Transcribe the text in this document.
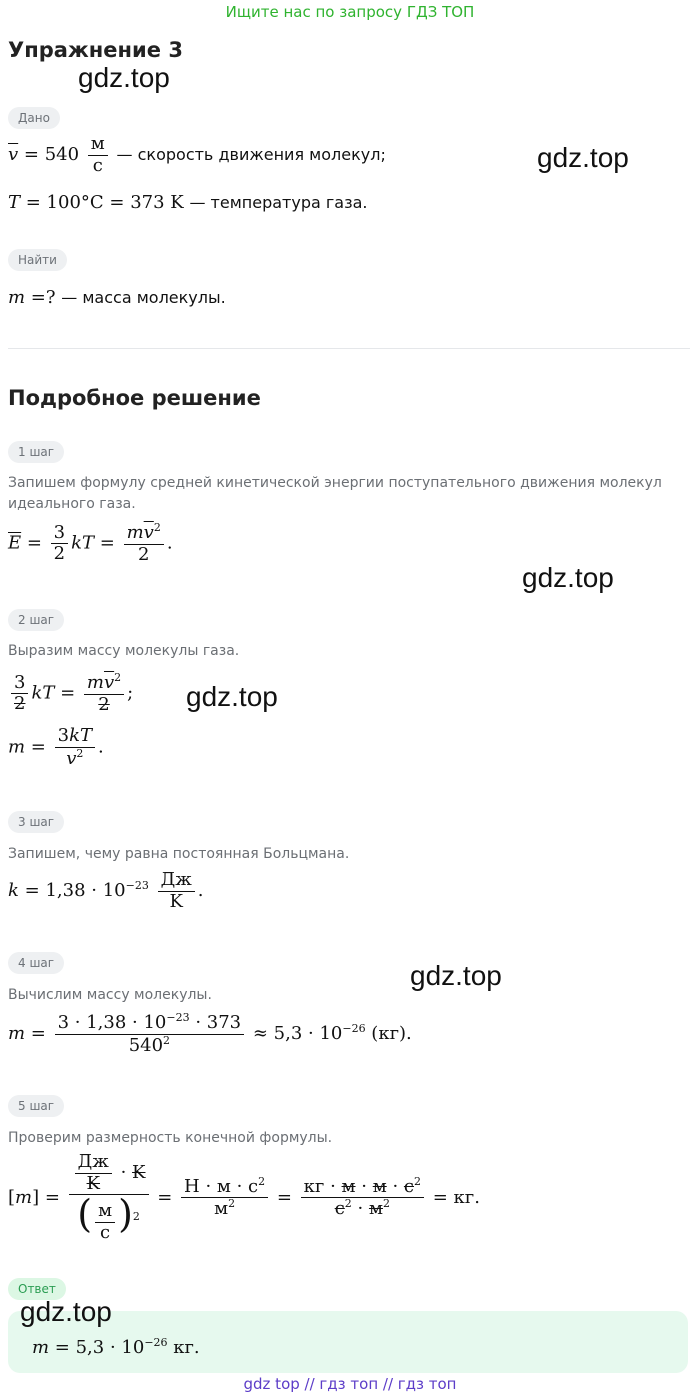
Ищите нас по запросу ГДЗ ТОП
Упражнение 3
gdz.top
Дано
gdz.top
$\overline{v} = 540 \frac{м}{с}$ — скорость движения молекул;
T = 100°C = 373 K — температура газа.
Найти
m =? — масса молекулы.
Подробное решение
1 шаг
Запишем формулу средней кинетической энергии поступательного движения молекул идеального газа.
$\overline{E} = \frac{3}{2}$ kT = $\frac{m\overline{v}^2}{2}$ .
gdz.top
2 шаг
Выразим массу молекулы газа.
$\frac{3}{2}$ kT = $\frac{m\overline{v}^2}{2}$ ; gdz.top
$m = \frac{3kT}{\overline{v}^2}$ .
3 шаг
Запишем, чему равна постоянная Больцмана.
$k = 1,38 \cdot 10^{-23} \frac{Дж}{K}$ .
4 шаг	gdz.top
Вычислим массу молекулы.
$m = \frac{3 \cdot 1,38 \cdot 10^{-23} \cdot 373}{540^2} \approx 5,3 \cdot 10^{-26}$ (кг).
5 шаг
Проверим размерность конечной формулы.
$[m] = \frac{\frac{Дж}{K} \cdot K}{( \frac{м}{с} )^2} = \frac{Н \cdot м \cdot с^2}{м^2} = \frac{кг \cdot м \cdot м \cdot с^2}{с^2 \cdot м^2}$ = кг.
Ответ
gdz.top
$m = 5,3 \cdot 10^{-26}$ кг.
gdz top // гдз топ // гдз топ
